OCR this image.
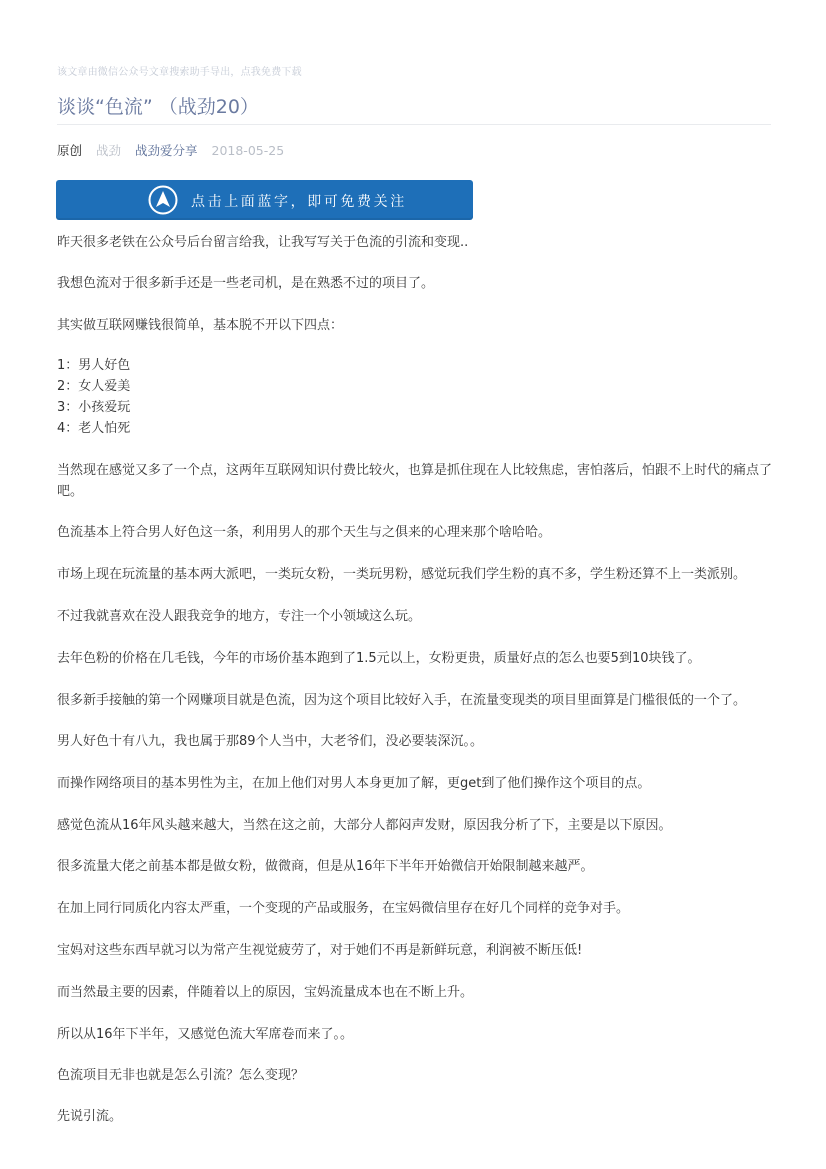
该文章由微信公众号文章搜索助手导出，点我免费下载
谈谈“色流” （战劲20）
原创 战劲 战劲爱分享 2018-05-25
点击上面蓝字，即可免费关注

昨天很多老铁在公众号后台留言给我，让我写写关于色流的引流和变现..

我想色流对于很多新手还是一些老司机，是在熟悉不过的项目了。

其实做互联网赚钱很简单，基本脱不开以下四点：

1：男人好色

2：女人爱美

3：小孩爱玩

4：老人怕死

当然现在感觉又多了一个点，这两年互联网知识付费比较火，也算是抓住现在人比较焦虑，害怕落后，怕跟不上时代的痛点了吧。

色流基本上符合男人好色这一条，利用男人的那个天生与之俱来的心理来那个啥哈哈。

市场上现在玩流量的基本两大派吧，一类玩女粉，一类玩男粉，感觉玩我们学生粉的真不多，学生粉还算不上一类派别。

不过我就喜欢在没人跟我竞争的地方，专注一个小领域这么玩。

去年色粉的价格在几毛钱，今年的市场价基本跑到了1.5元以上，女粉更贵，质量好点的怎么也要5到10块钱了。

很多新手接触的第一个网赚项目就是色流，因为这个项目比较好入手，在流量变现类的项目里面算是门槛很低的一个了。

男人好色十有八九，我也属于那89个人当中，大老爷们，没必要装深沉。。

而操作网络项目的基本男性为主，在加上他们对男人本身更加了解，更get到了他们操作这个项目的点。

感觉色流从16年风头越来越大，当然在这之前，大部分人都闷声发财，原因我分析了下，主要是以下原因。

很多流量大佬之前基本都是做女粉，做微商，但是从16年下半年开始微信开始限制越来越严。

在加上同行同质化内容太严重，一个变现的产品或服务，在宝妈微信里存在好几个同样的竞争对手。

宝妈对这些东西早就习以为常产生视觉疲劳了，对于她们不再是新鲜玩意，利润被不断压低!

而当然最主要的因素，伴随着以上的原因，宝妈流量成本也在不断上升。

所以从16年下半年，又感觉色流大军席卷而来了。。

色流项目无非也就是怎么引流？怎么变现？

先说引流。
